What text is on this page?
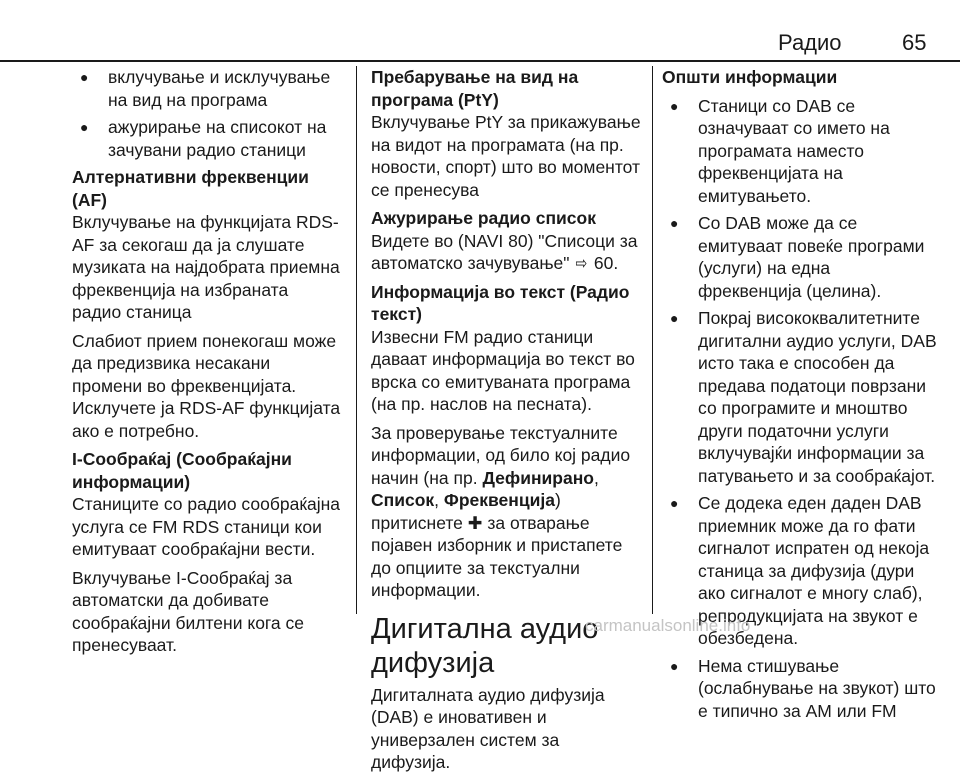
Радио	65
● вклучување и исклучување на вид на програма
● ажурирање на списокот на зачувани радио станици
Алтернативни фреквенции (AF)
Вклучување на функцијата RDS-AF за секогаш да ја слушате музиката на најдобрата приемна фреквенција на избраната радио станица
Слабиот прием понекогаш може да предизвика несакани промени во фреквенцијата. Исклучете ја RDS-AF функцијата ако е потребно.
I-Сообраќај (Сообраќајни информации)
Станиците со радио сообраќајна услуга се FM RDS станици кои емитуваат сообраќајни вести.
Вклучување I-Сообраќај за автоматски да добивате сообраќајни билтени кога се пренесуваат.
Пребарување на вид на програма (PtY)
Вклучување PtY за прикажување на видот на програмата (на пр. новости, спорт) што во моментот се пренесува
Ажурирање радио список
Видете во (NAVI 80) "Списоци за автоматско зачувување" ⇨ 60.
Информација во текст (Радио текст)
Извесни FM радио станици даваат информација во текст во врска со емитуваната програма (на пр. наслов на песната).
За проверување текстуалните информации, од било кој радио начин (на пр. Дефинирано, Список, Фреквенција) притиснете ✚ за отварање појавен изборник и пристапете до опциите за текстуални информации.
Дигитална аудио дифузија
Дигиталната аудио дифузија (DAB) е иновативен и универзален систем за дифузија.
Општи информации
● Станици со DAB се означуваат со името на програмата наместо фреквенцијата на емитувањето.
● Со DAB може да се емитуваат повеќе програми (услуги) на една фреквенција (целина).
● Покрај висококвалитетните дигитални аудио услуги, DAB исто така е способен да предава податоци поврзани со програмите и мноштво други податочни услуги вклучувајќи информации за патувањето и за сообраќајот.
● Се додека еден даден DAB приемник може да го фати сигналот испратен од некоја станица за дифузија (дури ако сигналот е многу слаб), репродукцијата на звукот е обезбедена.
● Нема стишување (ослабнување на звукот) што е типично за AM или FM
carmanualsonline.info
